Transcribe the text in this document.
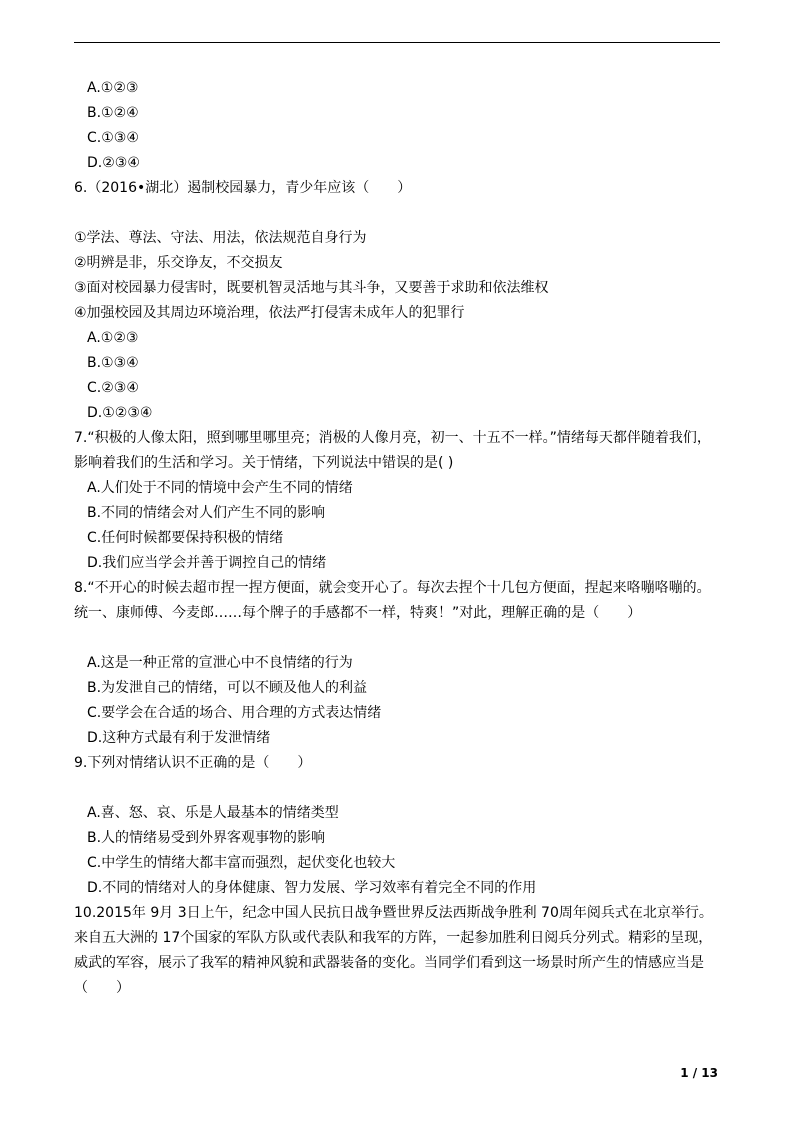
A.①②③
B.①②④
C.①③④
D.②③④
6.（2016•湖北）遏制校园暴力，青少年应该（　　）
①学法、尊法、守法、用法，依法规范自身行为
②明辨是非，乐交诤友，不交损友
③面对校园暴力侵害时，既要机智灵活地与其斗争，又要善于求助和依法维权
④加强校园及其周边环境治理，依法严打侵害未成年人的犯罪行
A.①②③
B.①③④
C.②③④
D.①②③④
7.“积极的人像太阳，照到哪里哪里亮；消极的人像月亮，初一、十五不一样。”情绪每天都伴随着我们，影响着我们的生活和学习。关于情绪，下列说法中错误的是( )
A.人们处于不同的情境中会产生不同的情绪
B.不同的情绪会对人们产生不同的影响
C.任何时候都要保持积极的情绪
D.我们应当学会并善于调控自己的情绪
8.“不开心的时候去超市捏一捏方便面，就会变开心了。每次去捏个十几包方便面，捏起来咯嘣咯嘣的。统一、康师傅、今麦郎……每个牌子的手感都不一样，特爽！”对此，理解正确的是（　　）
A.这是一种正常的宣泄心中不良情绪的行为
B.为发泄自己的情绪，可以不顾及他人的利益
C.要学会在合适的场合、用合理的方式表达情绪
D.这种方式最有利于发泄情绪
9.下列对情绪认识不正确的是（　　）
A.喜、怒、哀、乐是人最基本的情绪类型
B.人的情绪易受到外界客观事物的影响
C.中学生的情绪大都丰富而强烈，起伏变化也较大
D.不同的情绪对人的身体健康、智力发展、学习效率有着完全不同的作用
10.2015年 9月 3日上午，纪念中国人民抗日战争暨世界反法西斯战争胜利 70周年阅兵式在北京举行。来自五大洲的 17个国家的军队方队或代表队和我军的方阵，一起参加胜利日阅兵分列式。精彩的呈现，威武的军容，展示了我军的精神风貌和武器装备的变化。当同学们看到这一场景时所产生的情感应当是（　　）
1 / 13
